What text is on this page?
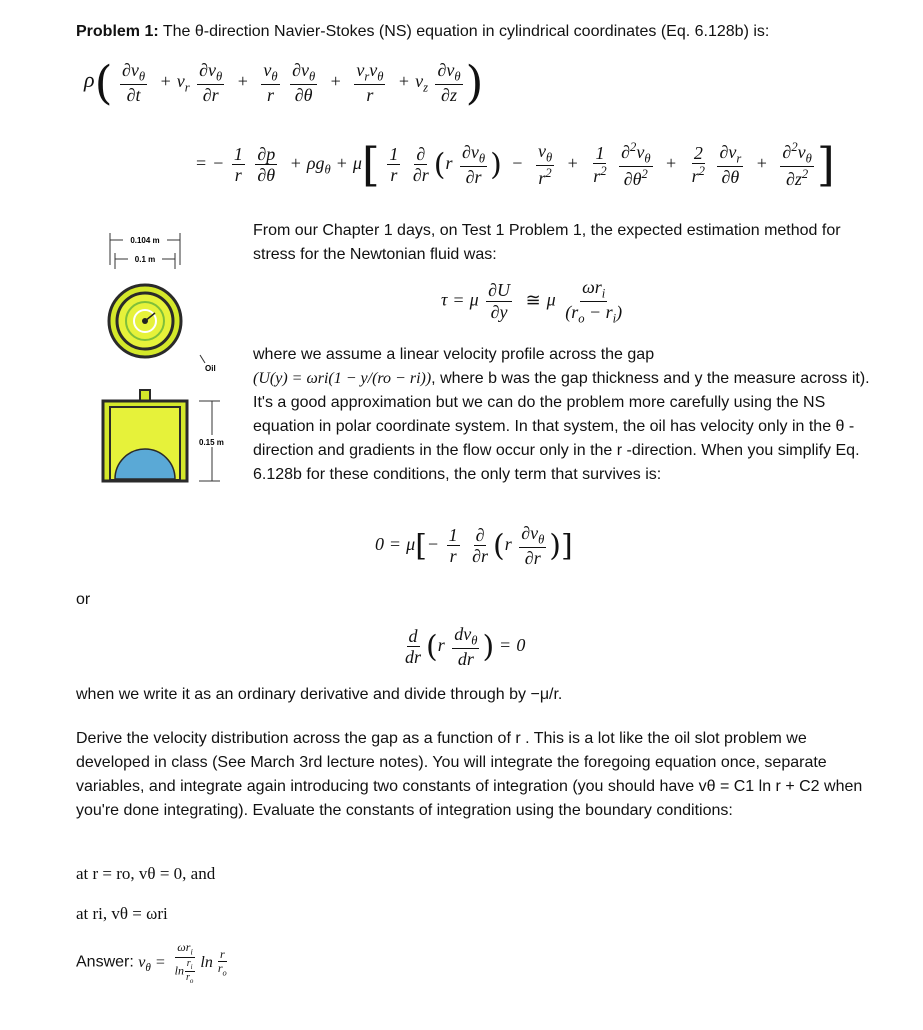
Problem 1: The θ-direction Navier-Stokes (NS) equation in cylindrical coordinates (Eq. 6.128b) is:
$\rho( \frac{\partial v_\theta}{\partial t} + v_r \frac{\partial v_\theta}{\partial r} + \frac{v_\theta}{r}$
$\frac{\partial v_\theta}{\partial\theta} + \frac{v_rv_\theta}{r} + v_z \frac{\partial v_\theta}{\partial z}$ )
= − $\frac{1}{r}$
$\frac{\partial p}{\partial\theta} + \rho g_\theta + \mu[ \frac{1}{r}$
$\frac{\partial}{\partial r} (r \frac{\partial v_\theta}{\partial r}$ ) − $\frac{v_\theta}{r^2} + \frac{1}{r^2}$
$\frac{\partial^2v_\theta}{\partial\theta^2} + \frac{2}{r^2}$
$\frac{\partial v_r}{\partial\theta} + \frac{\partial^2v_\theta}{\partial z^2}$ ]
0.104 m
0.1 m
Oil
0.15 m
From our Chapter 1 days, on Test 1 Problem 1, the expected estimation method for stress for the Newtonian fluid was:
τ = μ $\frac{\partial U}{\partial y}$ ≅ μ $\frac{\omega r_i}{(r_o - r_i)}$

where we assume a linear velocity profile across the gap

(U(y) = ωri(1 − y/(ro − ri)), where b was the gap thickness and y the measure across it). It's a good approximation but we can do the problem more carefully using the NS equation in polar coordinate system. In that system, the oil has velocity only in the θ -direction and gradients in the flow occur only in the r -direction. When you simplify Eq. 6.128b for these conditions, the only term that survives is:

$0 = \mu[- \frac{1}{r}$
$\frac{\partial}{\partial r} (r \frac{\partial v_\theta}{\partial r}$ )]
or
$\frac{d}{dr} (r \frac{dv_\theta}{dr}$ ) = 0
when we write it as an ordinary derivative and divide through by −μ/r.
Derive the velocity distribution across the gap as a function of r . This is a lot like the oil slot problem we developed in class (See March 3rd lecture notes). You will integrate the foregoing equation once, separate variables, and integrate again introducing two constants of integration (you should have vθ = C1 ln r + C2 when you're done integrating). Evaluate the constants of integration using the boundary conditions:
at r = ro, vθ = 0, and
at ri, vθ = ωri
Answer: $v_\theta = \frac{\omega r_i}{\ln \frac{r_i}{r_o}}$ $\ln \frac{r}{r_o}$
